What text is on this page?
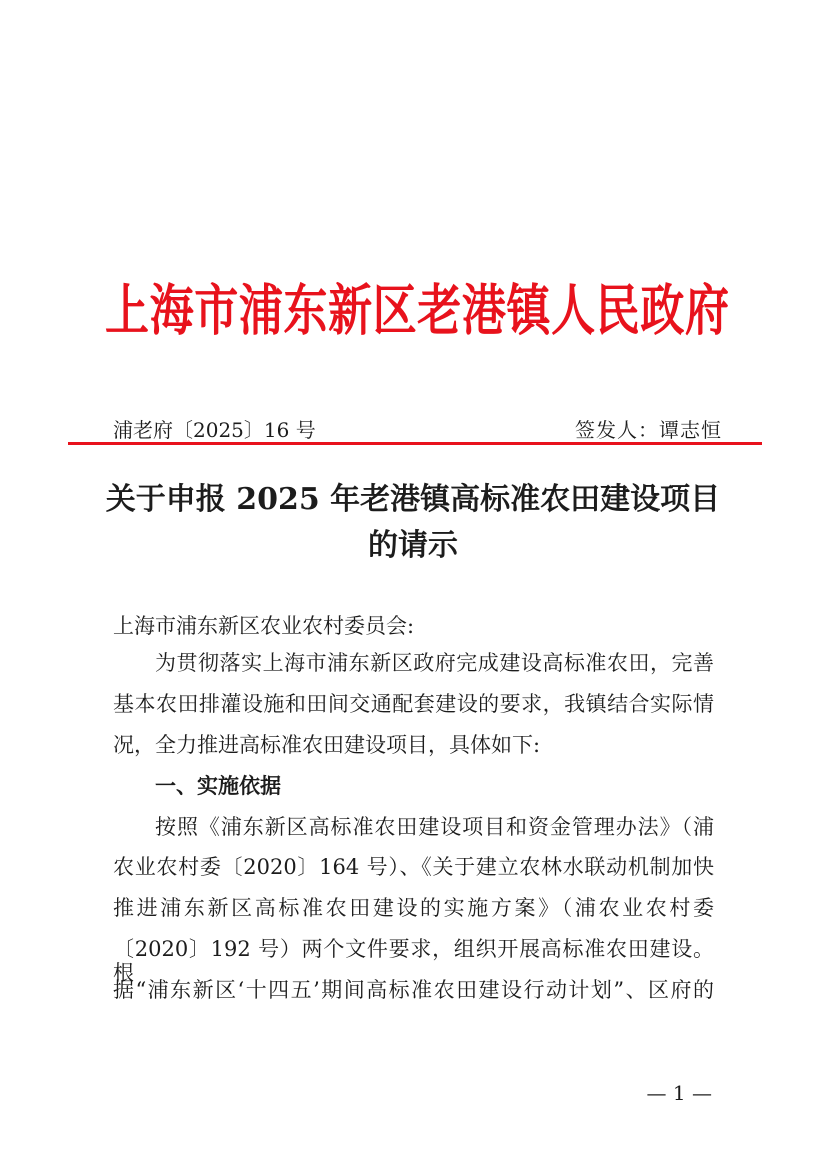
上海市浦东新区老港镇人民政府
浦老府〔2025〕16 号	签发人：谭志恒
关于申报 2025 年老港镇高标准农田建设项目
的请示
上海市浦东新区农业农村委员会:
为贯彻落实上海市浦东新区政府完成建设高标准农田，完善
基本农田排灌设施和田间交通配套建设的要求，我镇结合实际情
况，全力推进高标准农田建设项目，具体如下:
一、实施依据
按照《浦东新区高标准农田建设项目和资金管理办法》（浦
农业农村委〔2020〕164 号）、《关于建立农林水联动机制加快
推进浦东新区高标准农田建设的实施方案》（浦农业农村委
〔2020〕192 号）两个文件要求，组织开展高标准农田建设。根
据“浦东新区‘十四五’期间高标准农田建设行动计划”、区府的
— 1 —
